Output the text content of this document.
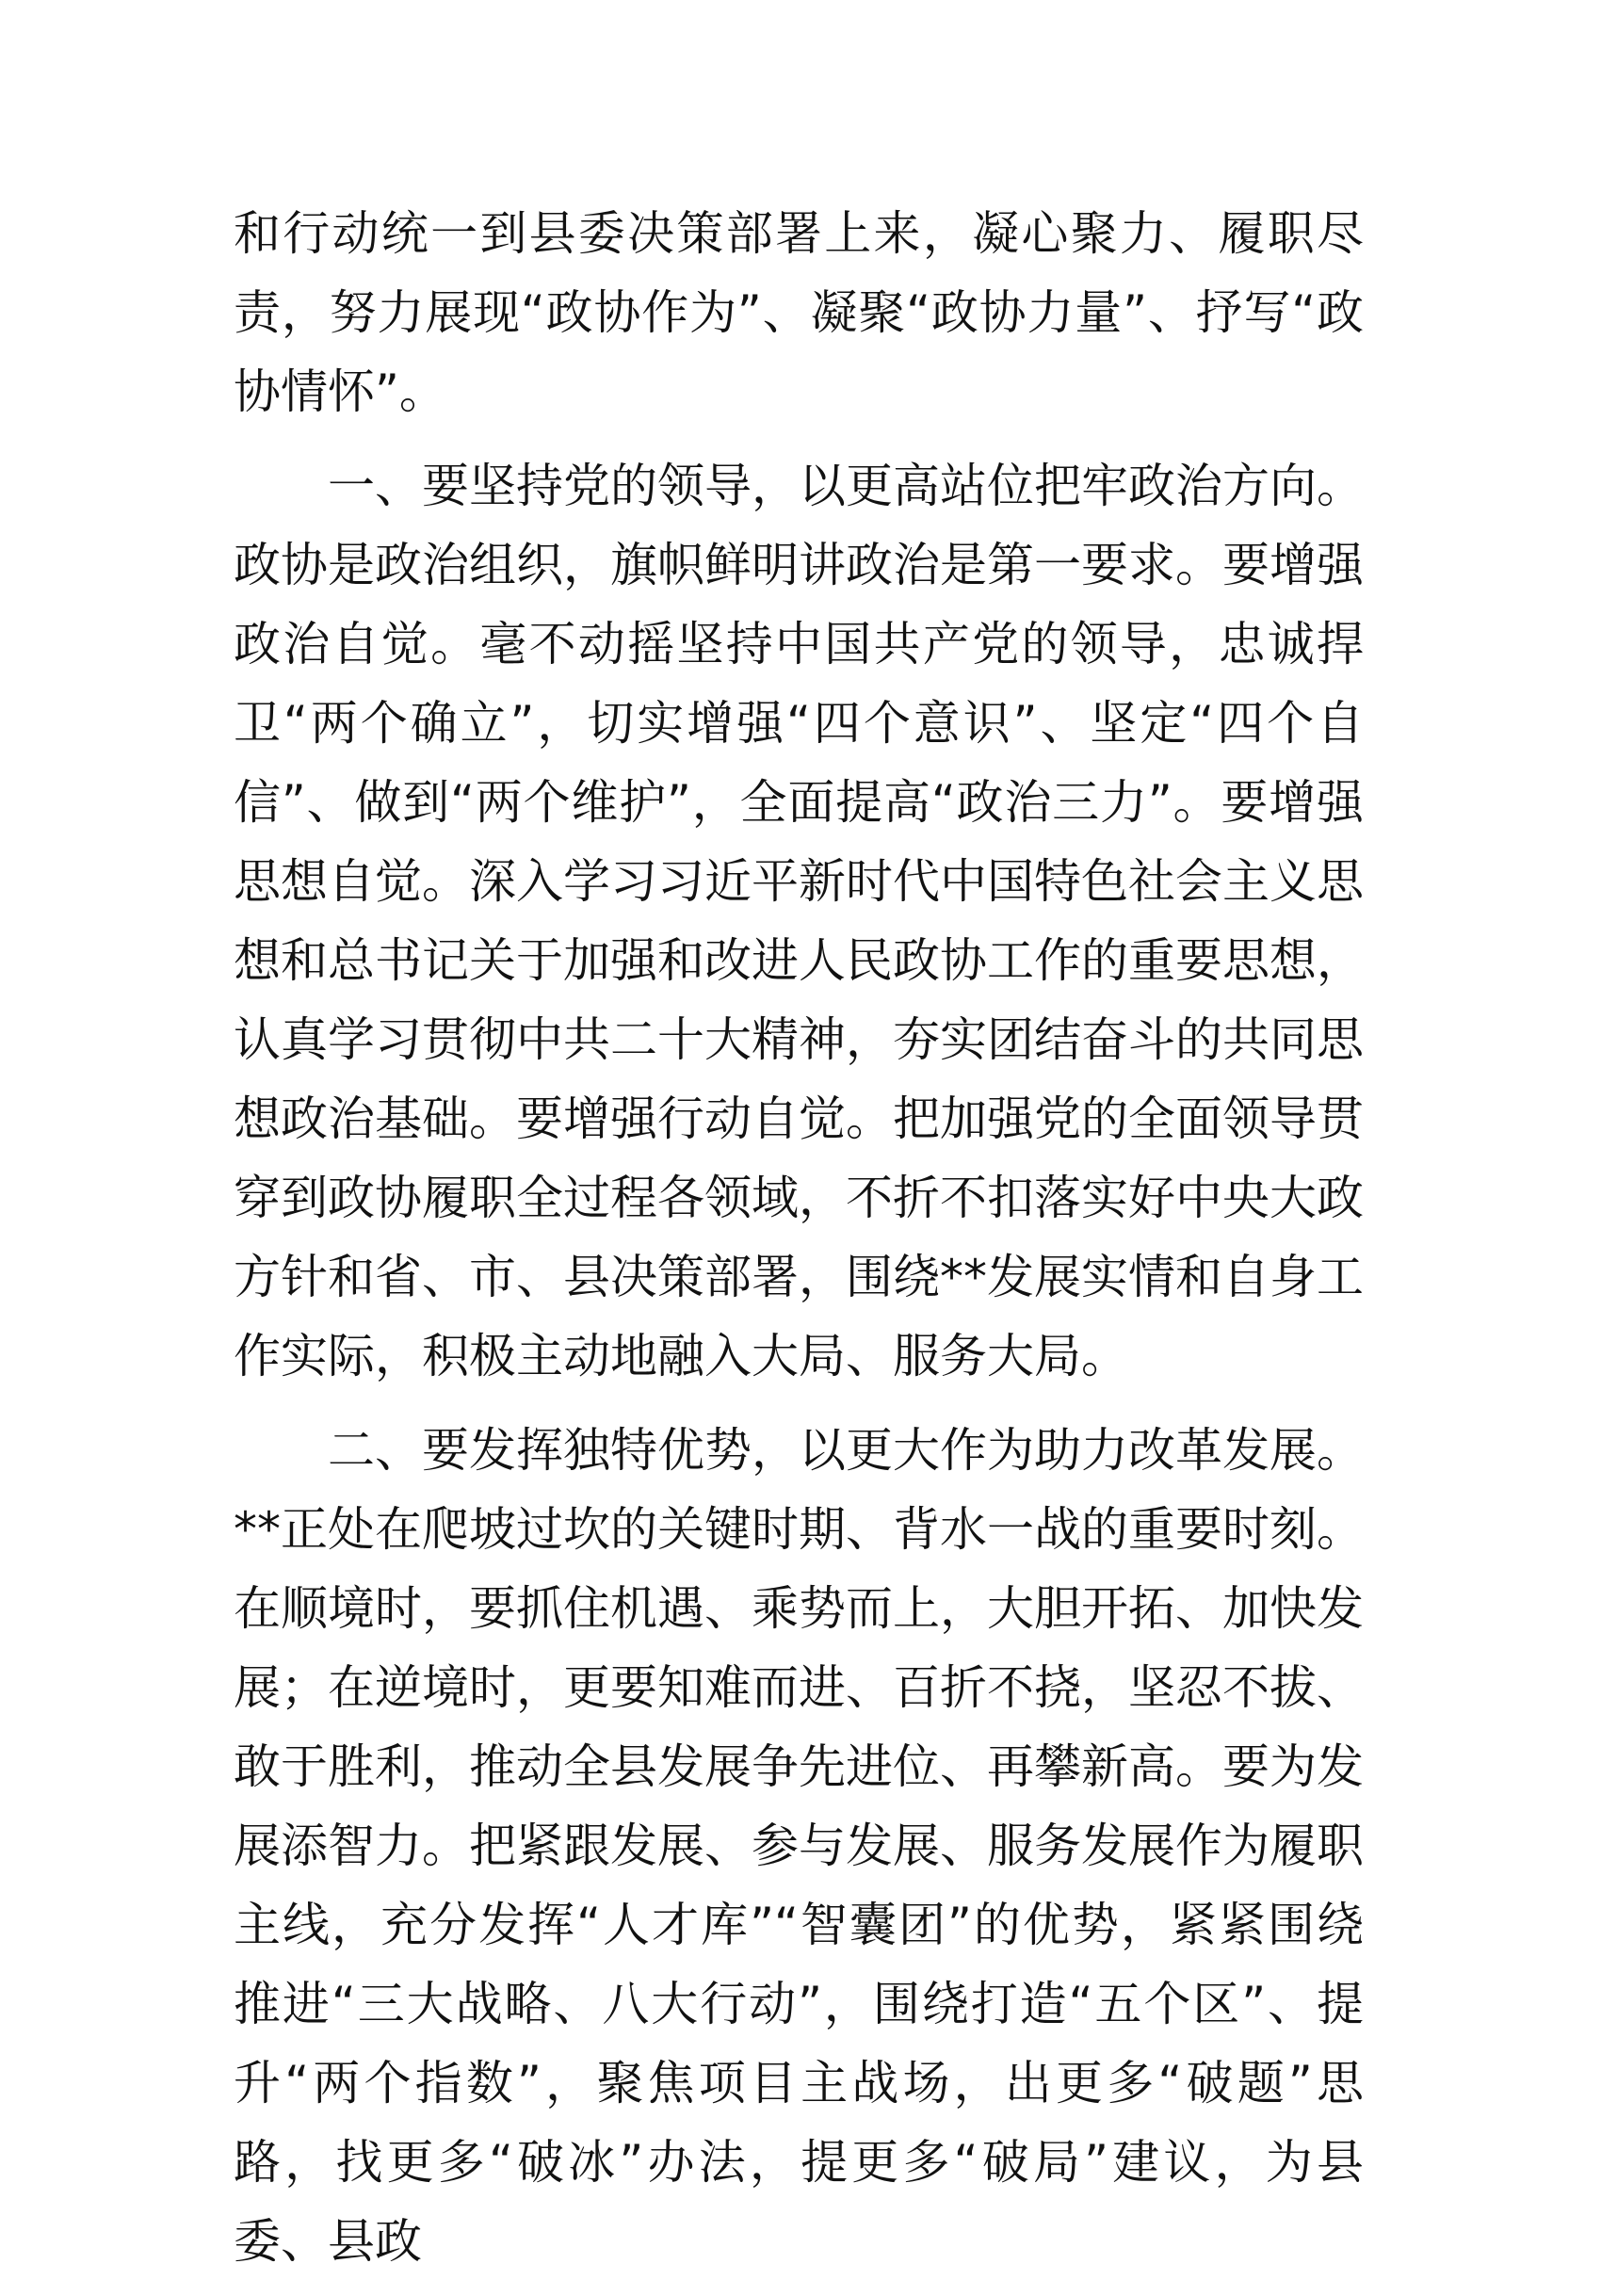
和行动统一到县委决策部署上来，凝心聚力、履职尽责，努力展现“政协作为”、凝聚“政协力量”、抒写“政协情怀”。

一、要坚持党的领导，以更高站位把牢政治方向。政协是政治组织，旗帜鲜明讲政治是第一要求。要增强政治自觉。毫不动摇坚持中国共产党的领导，忠诚捍卫“两个确立”，切实增强“四个意识”、坚定“四个自信”、做到“两个维护”，全面提高“政治三力”。要增强思想自觉。深入学习习近平新时代中国特色社会主义思想和总书记关于加强和改进人民政协工作的重要思想，认真学习贯彻中共二十大精神，夯实团结奋斗的共同思想政治基础。要增强行动自觉。把加强党的全面领导贯穿到政协履职全过程各领域，不折不扣落实好中央大政方针和省、市、县决策部署，围绕**发展实情和自身工作实际，积极主动地融入大局、服务大局。

二、要发挥独特优势，以更大作为助力改革发展。**正处在爬坡过坎的关键时期、背水一战的重要时刻。在顺境时，要抓住机遇、乘势而上，大胆开拓、加快发展；在逆境时，更要知难而进、百折不挠，坚忍不拔、敢于胜利，推动全县发展争先进位、再攀新高。要为发展添智力。把紧跟发展、参与发展、服务发展作为履职主线，充分发挥“人才库”“智囊团”的优势，紧紧围绕推进“三大战略、八大行动”，围绕打造“五个区”、提升“两个指数”，聚焦项目主战场，出更多“破题”思路，找更多“破冰”办法，提更多“破局”建议，为县委、县政
